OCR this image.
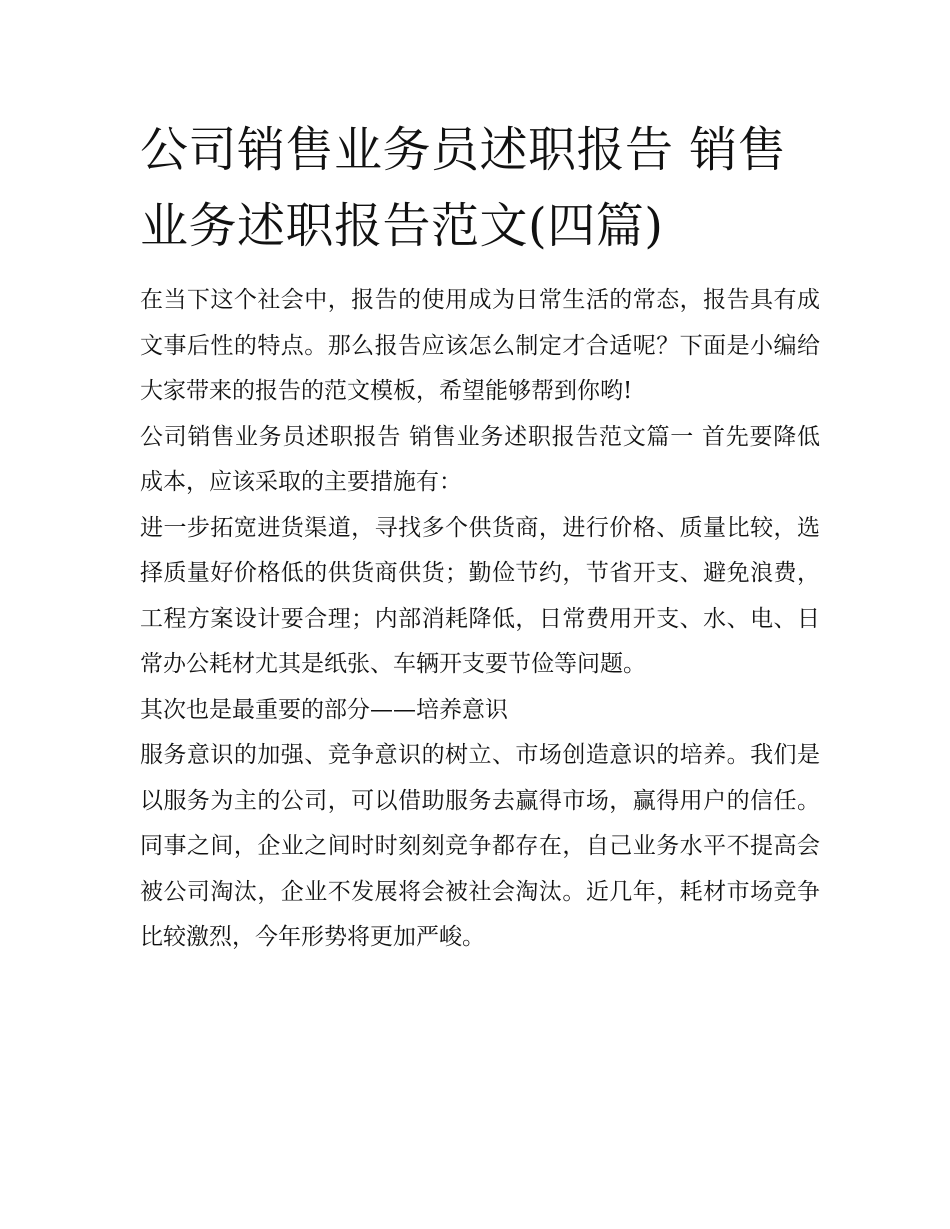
公司销售业务员述职报告 销售业务述职报告范文(四篇)

在当下这个社会中，报告的使用成为日常生活的常态，报告具有成文事后性的特点。那么报告应该怎么制定才合适呢？下面是小编给大家带来的报告的范文模板，希望能够帮到你哟!

公司销售业务员述职报告 销售业务述职报告范文篇一 首先要降低成本，应该采取的主要措施有：

进一步拓宽进货渠道，寻找多个供货商，进行价格、质量比较，选择质量好价格低的供货商供货；勤俭节约，节省开支、避免浪费，工程方案设计要合理；内部消耗降低，日常费用开支、水、电、日常办公耗材尤其是纸张、车辆开支要节俭等问题。

其次也是最重要的部分——培养意识

服务意识的加强、竞争意识的树立、市场创造意识的培养。我们是以服务为主的公司，可以借助服务去赢得市场，赢得用户的信任。同事之间，企业之间时时刻刻竞争都存在，自己业务水平不提高会被公司淘汰，企业不发展将会被社会淘汰。近几年，耗材市场竞争比较激烈，今年形势将更加严峻。
